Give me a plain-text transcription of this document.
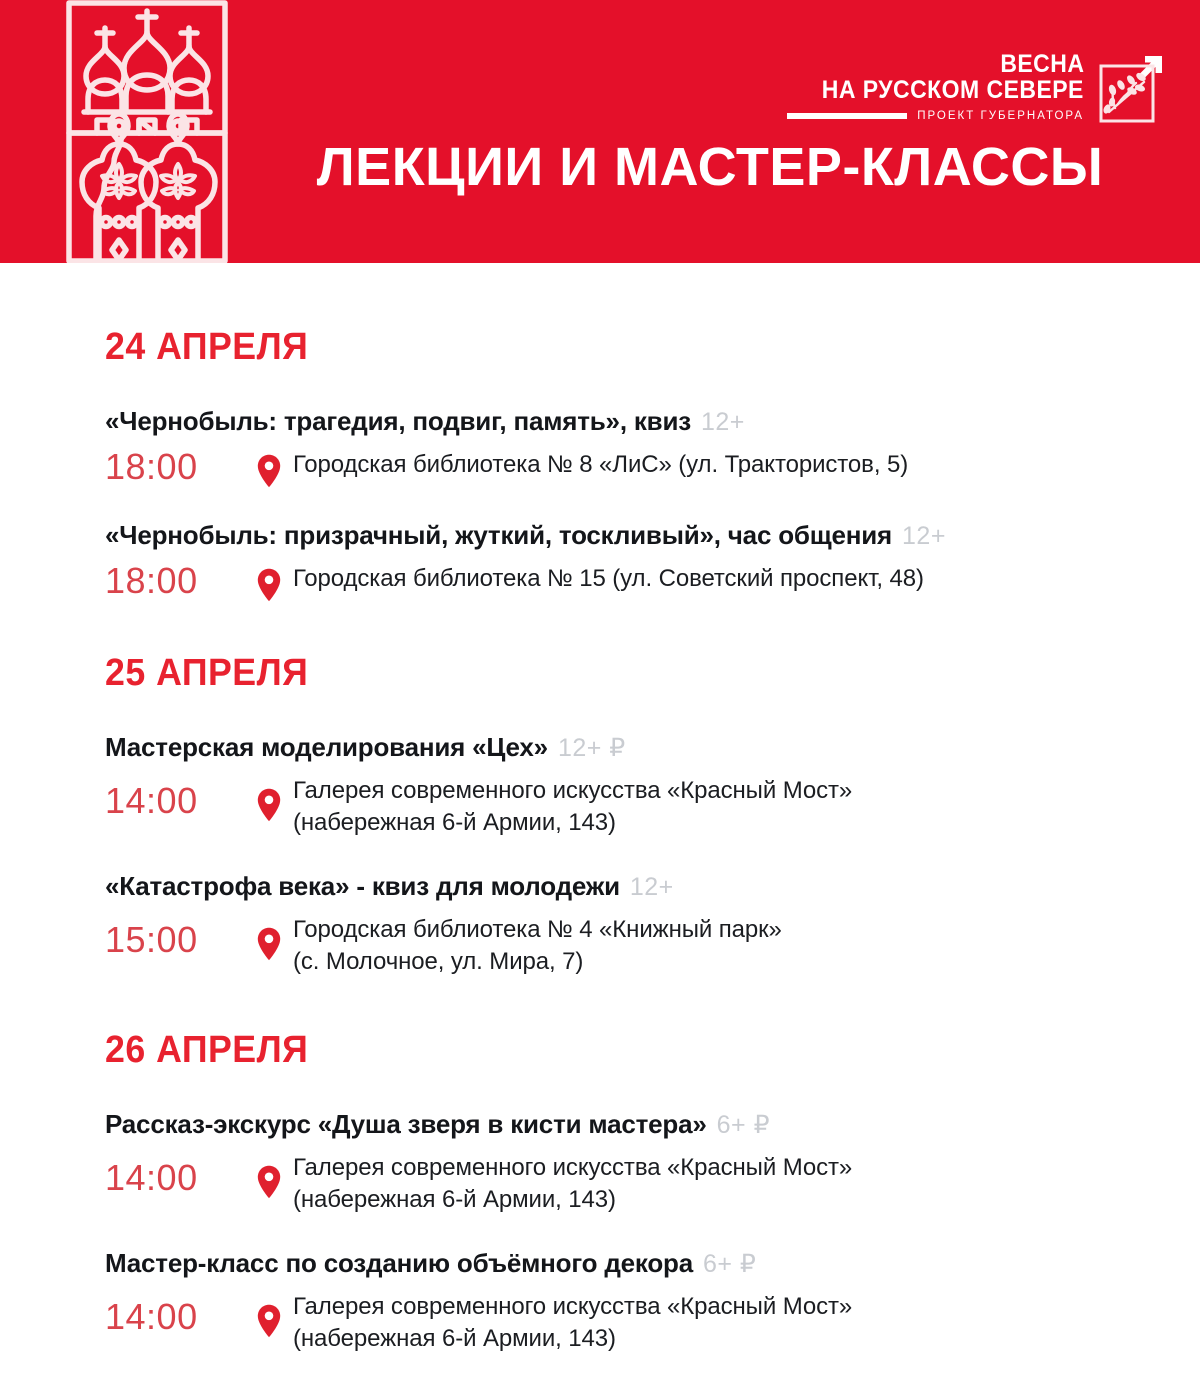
ВЕСНА
НА РУССКОМ СЕВЕРЕ
ПРОЕКТ ГУБЕРНАТОРА
ЛЕКЦИИ И МАСТЕР-КЛАССЫ
24 АПРЕЛЯ
«Чернобыль: трагедия, подвиг, память», квиз 12+
18:00	Городская библиотека № 8 «ЛиС» (ул. Трактористов, 5)
«Чернобыль: призрачный, жуткий, тоскливый», час общения 12+
18:00	Городская библиотека № 15 (ул. Советский проспект, 48)
25 АПРЕЛЯ
Мастерская моделирования «Цех» 12+ ₽
14:00	Галерея современного искусства «Красный Мост»
(набережная 6-й Армии, 143)
«Катастрофа века» - квиз для молодежи 12+
15:00	Городская библиотека № 4 «Книжный парк»
(с. Молочное, ул. Мира, 7)
26 АПРЕЛЯ
Рассказ-экскурс «Душа зверя в кисти мастера» 6+ ₽
14:00	Галерея современного искусства «Красный Мост»
(набережная 6-й Армии, 143)
Мастер-класс по созданию объёмного декора 6+ ₽
14:00	Галерея современного искусства «Красный Мост»
(набережная 6-й Армии, 143)
